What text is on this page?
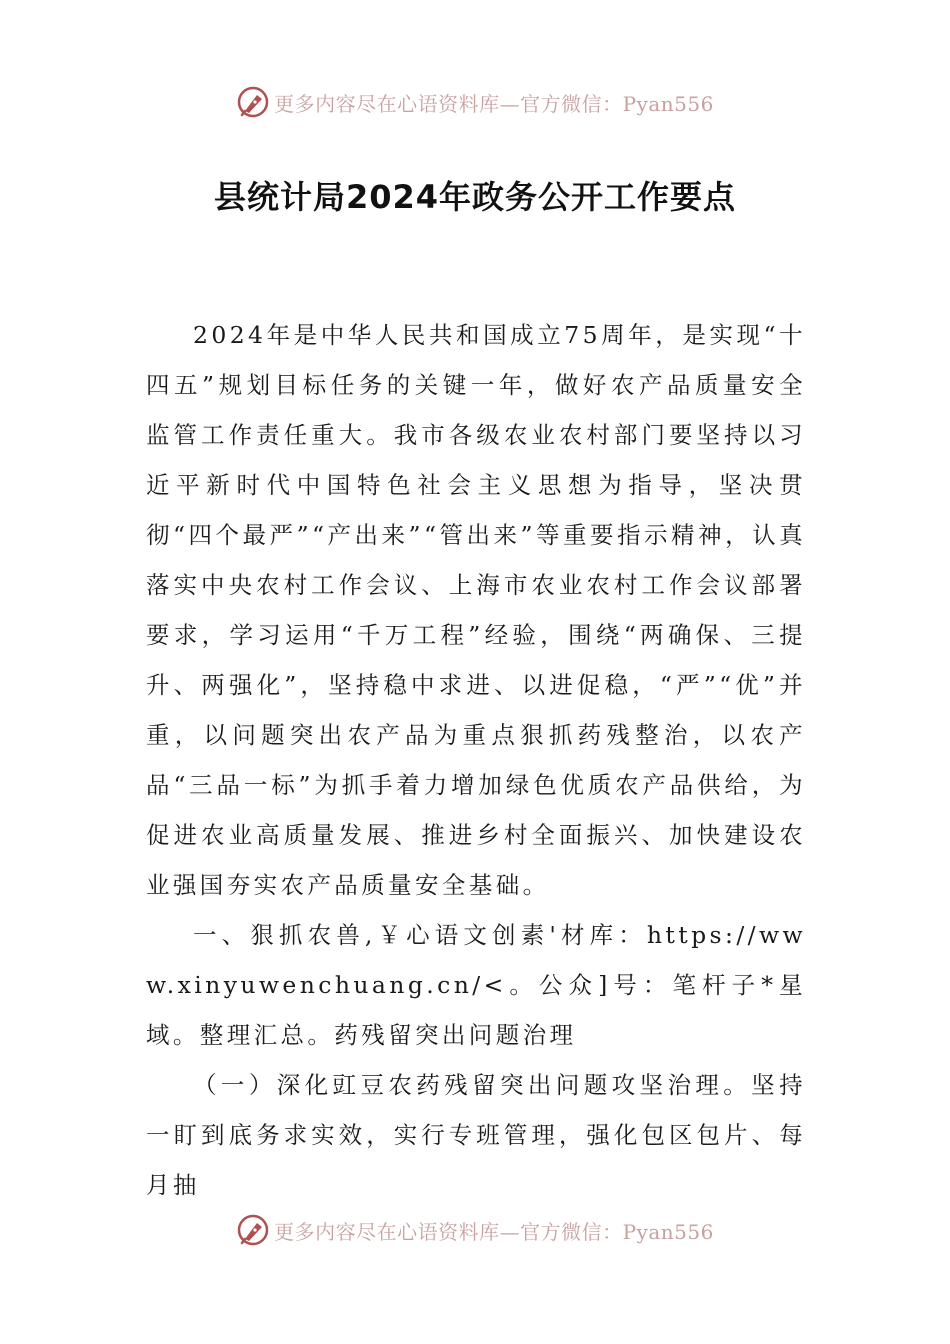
更多内容尽在心语资料库—官方微信：Pyan556
县统计局2024年政务公开工作要点

2024年是中华人民共和国成立75周年，是实现“十四五”规划目标任务的关键一年，做好农产品质量安全监管工作责任重大。我市各级农业农村部门要坚持以习近平新时代中国特色社会主义思想为指导，坚决贯彻“四个最严”“产出来”“管出来”等重要指示精神，认真落实中央农村工作会议、上海市农业农村工作会议部署要求，学习运用“千万工程”经验，围绕“两确保、三提升、两强化”，坚持稳中求进、以进促稳，“严”“优”并重，以问题突出农产品为重点狠抓药残整治，以农产品“三品一标”为抓手着力增加绿色优质农产品供给，为促进农业高质量发展、推进乡村全面振兴、加快建设农业强国夯实农产品质量安全基础。

一、狠抓农兽,￥心语文创素'材库：https://www.xinyuwenchuang.cn/<。公众]号：笔杆子*星域。整理汇总。药残留突出问题治理

（一）深化豇豆农药残留突出问题攻坚治理。坚持一盯到底务求实效，实行专班管理，强化包区包片、每月抽

更多内容尽在心语资料库—官方微信：Pyan556
